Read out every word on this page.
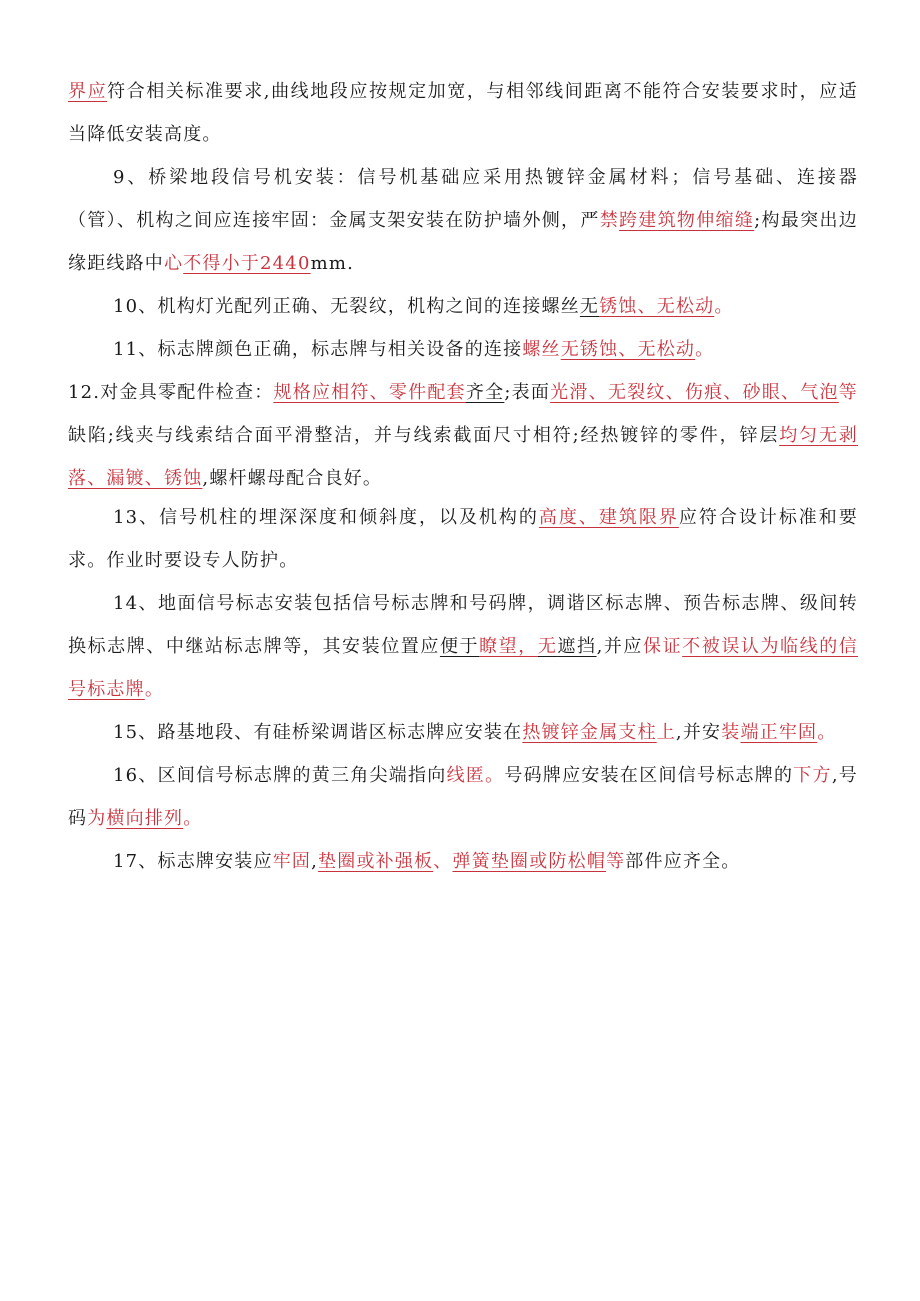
界应符合相关标准要求,曲线地段应按规定加宽，与相邻线间距离不能符合安装要求时，应适当降低安装高度。

9、桥梁地段信号机安装：信号机基础应采用热镀锌金属材料；信号基础、连接器（管）、机构之间应连接牢固：金属支架安装在防护墙外侧，严禁跨建筑物伸缩缝;构最突出边缘距线路中心不得小于2440mm.

10、机构灯光配列正确、无裂纹，机构之间的连接螺丝无锈蚀、无松动。

11、标志牌颜色正确，标志牌与相关设备的连接螺丝无锈蚀、无松动。

12.对金具零配件检查：规格应相符、零件配套齐全;表面光滑、无裂纹、伤痕、砂眼、气泡等缺陷;线夹与线索结合面平滑整洁，并与线索截面尺寸相符;经热镀锌的零件，锌层均匀无剥落、漏镀、锈蚀,螺杆螺母配合良好。

13、信号机柱的埋深深度和倾斜度，以及机构的高度、建筑限界应符合设计标准和要求。作业时要设专人防护。

14、地面信号标志安装包括信号标志牌和号码牌，调谐区标志牌、预告标志牌、级间转换标志牌、中继站标志牌等，其安装位置应便于瞭望，无遮挡,并应保证不被误认为临线的信号标志牌。

15、路基地段、有硅桥梁调谐区标志牌应安装在热镀锌金属支柱上,并安装端正牢固。

16、区间信号标志牌的黄三角尖端指向线匿。号码牌应安装在区间信号标志牌的下方,号码为横向排列。

17、标志牌安装应牢固,垫圈或补强板、弹簧垫圈或防松帽等部件应齐全。
